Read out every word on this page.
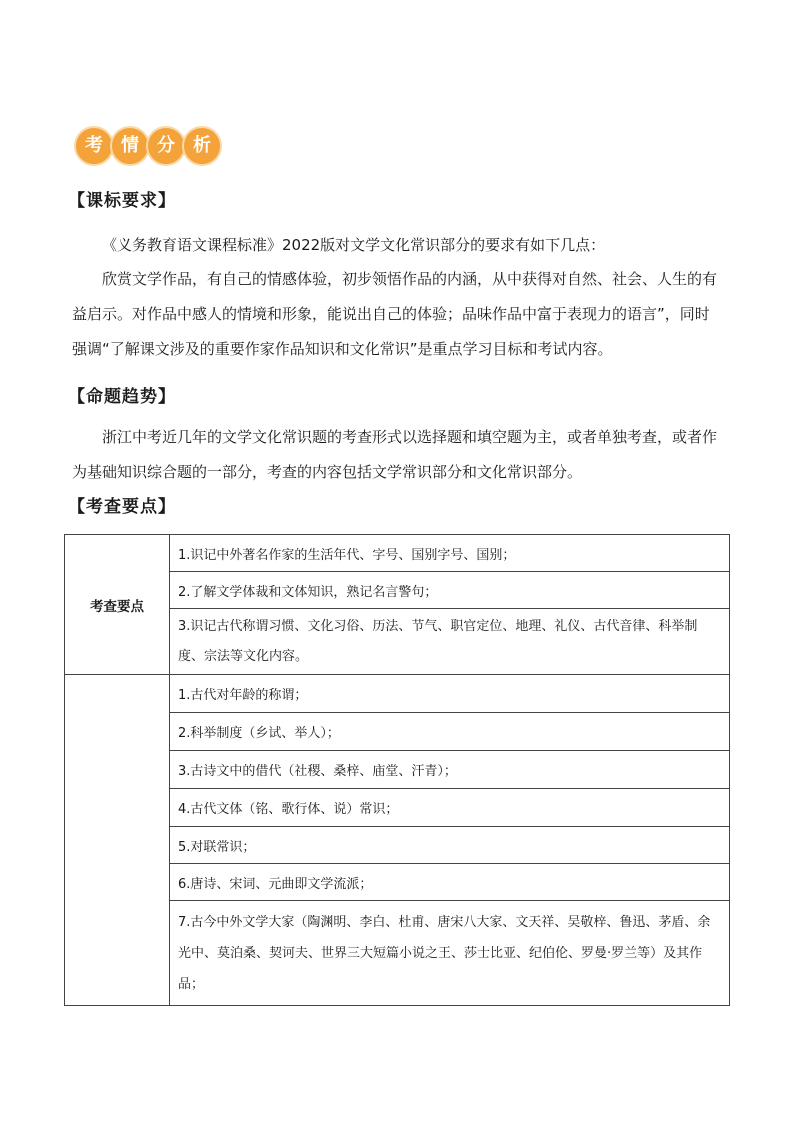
考	情	分	析
【课标要求】

《义务教育语文课程标准》2022版对文学文化常识部分的要求有如下几点：

欣赏文学作品，有自己的情感体验，初步领悟作品的内涵，从中获得对自然、社会、人生的有益启示。对作品中感人的情境和形象，能说出自己的体验；品味作品中富于表现力的语言”，同时强调“了解课文涉及的重要作家作品知识和文化常识”是重点学习目标和考试内容。

【命题趋势】

浙江中考近几年的文学文化常识题的考查形式以选择题和填空题为主，或者单独考查，或者作为基础知识综合题的一部分，考查的内容包括文学常识部分和文化常识部分。

【考查要点】
考查要点	1.识记中外著名作家的生活年代、字号、国别字号、国别；
	2.了解文学体裁和文体知识，熟记名言警句；
	3.识记古代称谓习惯、文化习俗、历法、节气、职官定位、地理、礼仪、古代音律、科举制度、宗法等文化内容。
	1.古代对年龄的称谓；
	2.科举制度（乡试、举人）；
	3.古诗文中的借代（社稷、桑梓、庙堂、汗青）；
	4.古代文体（铭、歌行体、说）常识；
	5.对联常识；
	6.唐诗、宋词、元曲即文学流派；
	7.古今中外文学大家（陶渊明、李白、杜甫、唐宋八大家、文天祥、吴敬梓、鲁迅、茅盾、余光中、莫泊桑、契诃夫、世界三大短篇小说之王、莎士比亚、纪伯伦、罗曼·罗兰等）及其作品；
